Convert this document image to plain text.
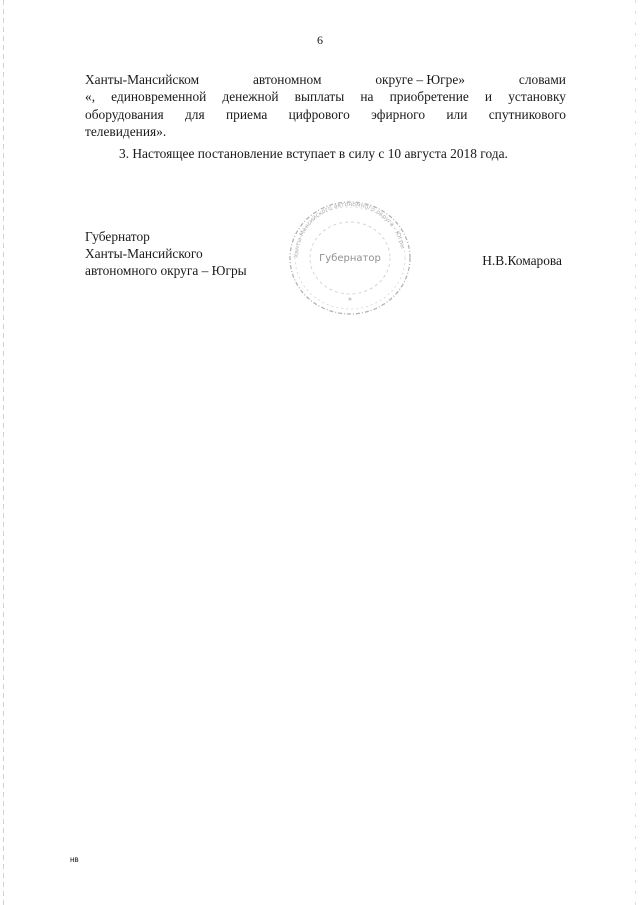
6

Ханты-Мансийском	автономном	округе – Югре»	словами

«, единовременной денежной выплаты на приобретение и установку

оборудования для приема цифрового эфирного или спутникового

телевидения».

3. Настоящее постановление вступает в силу с 10 августа 2018 года.

Губернатор
Ханты-Мансийского
автономного округа – Югры
Ханты-Мансийского автономного округа - Югры
Губернатор
★
Н.В.Комарова
нв
